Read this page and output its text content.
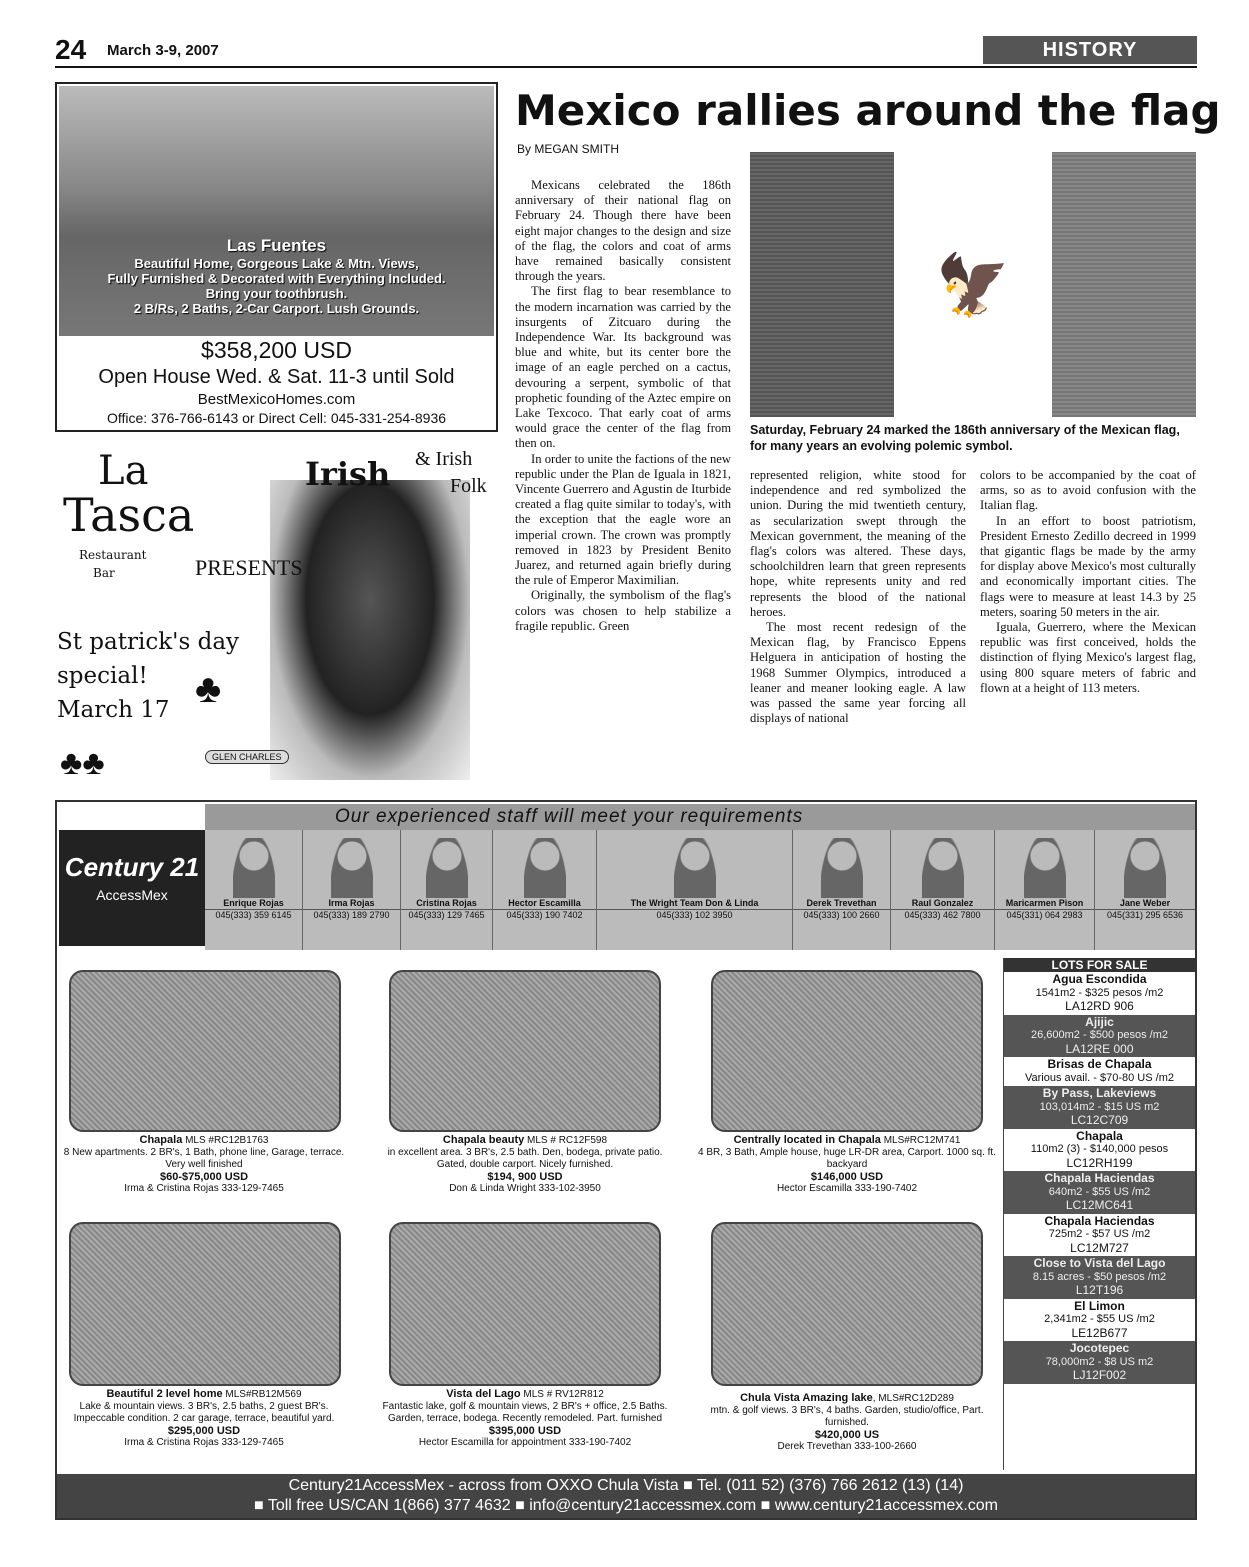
24 March 3-9, 2007	HISTORY
Las Fuentes
Beautiful Home, Gorgeous Lake & Mtn. Views,
Fully Furnished & Decorated with Everything Included.
Bring your toothbrush.
2 B/Rs, 2 Baths, 2-Car Carport. Lush Grounds.
$358,200 USD
Open House Wed. & Sat. 11-3 until Sold
BestMexicoHomes.com
Office: 376-766-6143 or Direct Cell: 045-331-254-8936
La
Tasca
Restaurant
Bar
Irish & Irish
Folk
PRESENTS
St patrick's day
special!
March 17
♣♣
♣
GLEN CHARLES
Mexico rallies around the flag
By MEGAN SMITH

Mexicans celebrated the 186th anniversary of their national flag on February 24. Though there have been eight major changes to the design and size of the flag, the colors and coat of arms have remained basically consistent through the years.

The first flag to bear resemblance to the modern incarnation was carried by the insurgents of Zitcuaro during the Independence War. Its background was blue and white, but its center bore the image of an eagle perched on a cactus, devouring a serpent, symbolic of that prophetic founding of the Aztec empire on Lake Texcoco. That early coat of arms would grace the center of the flag from then on.

In order to unite the factions of the new republic under the Plan de Iguala in 1821, Vincente Guerrero and Agustin de Iturbide created a flag quite similar to today's, with the exception that the eagle wore an imperial crown. The crown was promptly removed in 1823 by President Benito Juarez, and returned again briefly during the rule of Emperor Maximilian.

Originally, the symbolism of the flag's colors was chosen to help stabilize a fragile republic. Green

🦅
Saturday, February 24 marked the 186th anniversary of the Mexican flag, for many years an evolving polemic symbol.

represented religion, white stood for independence and red symbolized the union. During the mid twentieth century, as secularization swept through the Mexican government, the meaning of the flag's colors was altered. These days, schoolchildren learn that green represents hope, white represents unity and red represents the blood of the national heroes.

The most recent redesign of the Mexican flag, by Francisco Eppens Helguera in anticipation of hosting the 1968 Summer Olympics, introduced a leaner and meaner looking eagle. A law was passed the same year forcing all displays of national

colors to be accompanied by the coat of arms, so as to avoid confusion with the Italian flag.

In an effort to boost patriotism, President Ernesto Zedillo decreed in 1999 that gigantic flags be made by the army for display above Mexico's most culturally and economically important cities. The flags were to measure at least 14.3 by 25 meters, soaring 50 meters in the air.

Iguala, Guerrero, where the Mexican republic was first conceived, holds the distinction of flying Mexico's largest flag, using 800 square meters of fabric and flown at a height of 113 meters.

Our experienced staff will meet your requirements
Century 21
AccessMex	Enrique Rojas
045(333) 359 6145
Irma Rojas
045(333) 189 2790
Cristina Rojas
045(333) 129 7465
Hector Escamilla
045(333) 190 7402
The Wright Team Don & Linda
045(333) 102 3950
Derek Trevethan
045(333) 100 2660
Raul Gonzalez
045(333) 462 7800
Maricarmen Pison
045(331) 064 2983
Jane Weber
045(331) 295 6536
Chapala MLS #RC12B1763
8 New apartments. 2 BR's, 1 Bath, phone line, Garage, terrace. Very well finished
$60-$75,000 USD
Irma & Cristina Rojas 333-129-7465
Chapala beauty MLS # RC12F598
in excellent area. 3 BR's, 2.5 bath. Den, bodega, private patio. Gated, double carport. Nicely furnished.
$194, 900 USD
Don & Linda Wright 333-102-3950
Centrally located in Chapala MLS#RC12M741
4 BR, 3 Bath, Ample house, huge LR-DR area, Carport. 1000 sq. ft. backyard
$146,000 USD
Hector Escamilla 333-190-7402
Beautiful 2 level home MLS#RB12M569
Lake & mountain views. 3 BR's, 2.5 baths, 2 guest BR's. Impeccable condition. 2 car garage, terrace, beautiful yard.
$295,000 USD
Irma & Cristina Rojas 333-129-7465
Vista del Lago MLS # RV12R812
Fantastic lake, golf & mountain views, 2 BR's + office, 2.5 Baths. Garden, terrace, bodega. Recently remodeled. Part. furnished
$395,000 USD
Hector Escamilla for appointment 333-190-7402
Chula Vista Amazing lake, MLS#RC12D289
mtn. & golf views. 3 BR's, 4 baths. Garden, studio/office, Part. furnished.
$420,000 US
Derek Trevethan 333-100-2660
LOTS FOR SALE
Agua Escondida
1541m2 - $325 pesos /m2
LA12RD 906
Ajijic
26,600m2 - $500 pesos /m2
LA12RE 000
Brisas de Chapala
Various avail. - $70-80 US /m2
By Pass, Lakeviews
103,014m2 - $15 US m2
LC12C709
Chapala
110m2 (3) - $140,000 pesos
LC12RH199
Chapala Haciendas
640m2 - $55 US /m2
LC12MC641
Chapala Haciendas
725m2 - $57 US /m2
LC12M727
Close to Vista del Lago
8.15 acres - $50 pesos /m2
L12T196
El Limon
2,341m2 - $55 US /m2
LE12B677
Jocotepec
78,000m2 - $8 US m2
LJ12F002
Century21AccessMex - across from OXXO Chula Vista ■ Tel. (011 52) (376) 766 2612 (13) (14)
■ Toll free US/CAN 1(866) 377 4632 ■ info@century21accessmex.com ■ www.century21accessmex.com
